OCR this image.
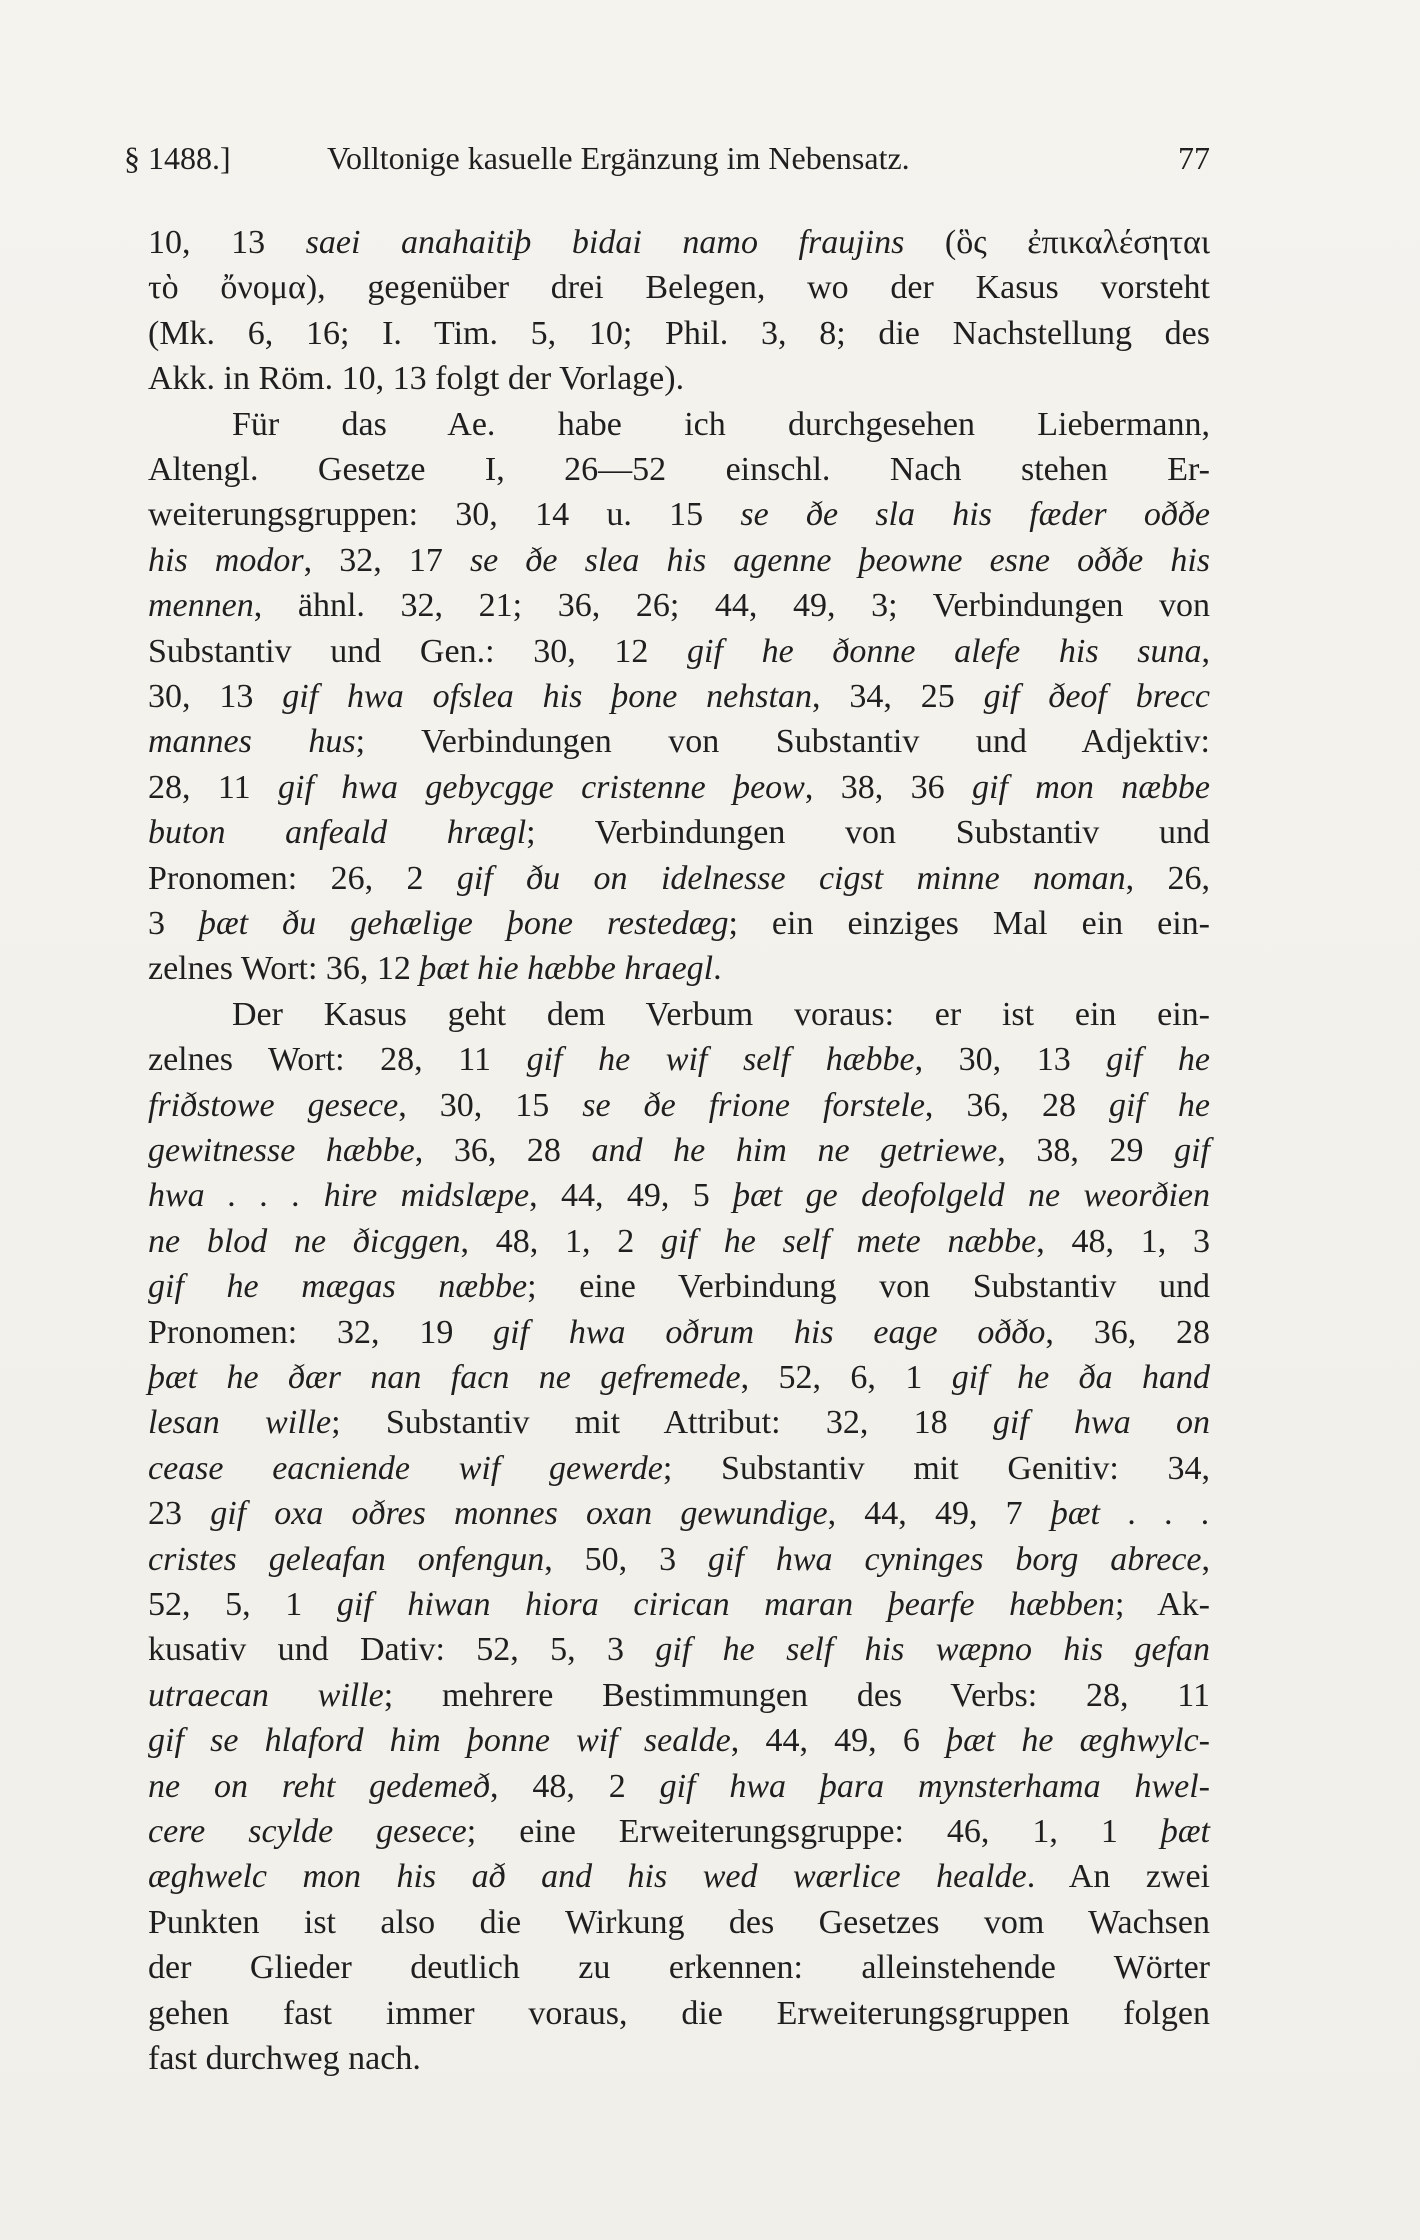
§ 1488.]	Volltonige kasuelle Ergänzung im Nebensatz.	77
10, 13 saei anahaitiþ bidai namo fraujins (ὃς ἐπικαλέσηται
τὸ ὄνομα), gegenüber drei Belegen, wo der Kasus vorsteht
(Mk. 6, 16; I. Tim. 5, 10; Phil. 3, 8; die Nachstellung des
Akk. in Röm. 10, 13 folgt der Vorlage).
Für das Ae. habe ich durchgesehen Liebermann,
Altengl. Gesetze I, 26—52 einschl. Nach stehen Er-
weiterungsgruppen: 30, 14 u. 15 se ðe sla his fæder oððe
his modor, 32, 17 se ðe slea his agenne þeowne esne oððe his
mennen, ähnl. 32, 21; 36, 26; 44, 49, 3; Verbindungen von
Substantiv und Gen.: 30, 12 gif he ðonne alefe his suna,
30, 13 gif hwa ofslea his þone nehstan, 34, 25 gif ðeof brecc
mannes hus; Verbindungen von Substantiv und Adjektiv:
28, 11 gif hwa gebycgge cristenne þeow, 38, 36 gif mon næbbe
buton anfeald hrægl; Verbindungen von Substantiv und
Pronomen: 26, 2 gif ðu on idelnesse cigst minne noman, 26,
3 þæt ðu gehælige þone restedæg; ein einziges Mal ein ein-
zelnes Wort: 36, 12 þæt hie hæbbe hraegl.
Der Kasus geht dem Verbum voraus: er ist ein ein-
zelnes Wort: 28, 11 gif he wif self hæbbe, 30, 13 gif he
friðstowe gesece, 30, 15 se ðe frione forstele, 36, 28 gif he
gewitnesse hæbbe, 36, 28 and he him ne getriewe, 38, 29 gif
hwa . . . hire midslæpe, 44, 49, 5 þæt ge deofolgeld ne weorðien
ne blod ne ðicggen, 48, 1, 2 gif he self mete næbbe, 48, 1, 3
gif he mægas næbbe; eine Verbindung von Substantiv und
Pronomen: 32, 19 gif hwa oðrum his eage oððo, 36, 28
þæt he ðær nan facn ne gefremede, 52, 6, 1 gif he ða hand
lesan wille; Substantiv mit Attribut: 32, 18 gif hwa on
cease eacniende wif gewerde; Substantiv mit Genitiv: 34,
23 gif oxa oðres monnes oxan gewundige, 44, 49, 7 þæt . . .
cristes geleafan onfengun, 50, 3 gif hwa cyninges borg abrece,
52, 5, 1 gif hiwan hiora cirican maran þearfe hæbben; Ak-
kusativ und Dativ: 52, 5, 3 gif he self his wæpno his gefan
utraecan wille; mehrere Bestimmungen des Verbs: 28, 11
gif se hlaford him þonne wif sealde, 44, 49, 6 þæt he æghwylc-
ne on reht gedemeð, 48, 2 gif hwa þara mynsterhama hwel-
cere scylde gesece; eine Erweiterungsgruppe: 46, 1, 1 þæt
æghwelc mon his að and his wed wærlice healde. An zwei
Punkten ist also die Wirkung des Gesetzes vom Wachsen
der Glieder deutlich zu erkennen: alleinstehende Wörter
gehen fast immer voraus, die Erweiterungsgruppen folgen
fast durchweg nach.
